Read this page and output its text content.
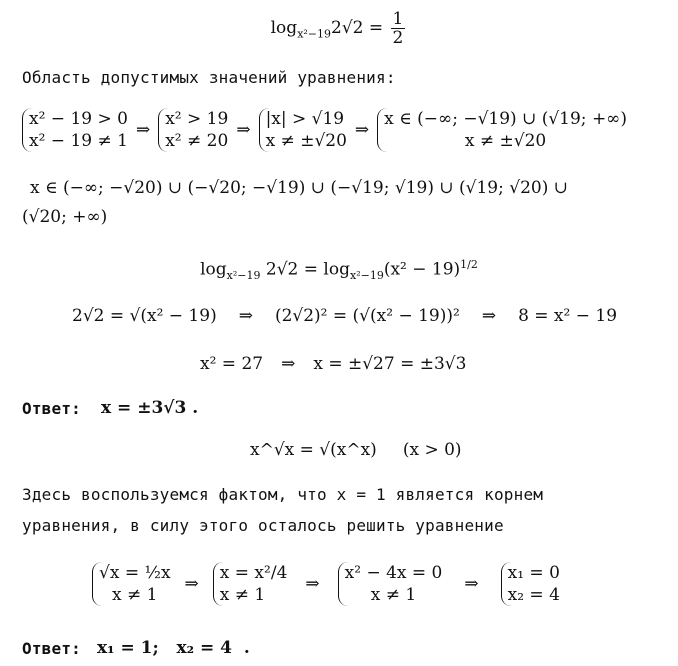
$\log_{x^2-19}2√2 = \frac{1}{2}$
Область допустимых значений уравнения:
x² − 19 > 0
x² − 19 ≠ 1
⇒
x² > 19
x² ≠ 20
⇒
|x| > √19
x ≠ ±√20
⇒
x ∈ (−∞; −√19) ∪ (√19; +∞)
x ≠ ±√20
x ∈ (−∞; −√20) ∪ (−√20; −√19) ∪ (−√19; √19) ∪ (√19; √20) ∪
(√20; +∞)
$\log_{x^2-19} 2√2 = \log_{x^2-19}(x^2 - 19)^{1/2}$
2√2 = √(x² − 19) ⇒ (2√2)² = (√(x² − 19))² ⇒ 8 = x² − 19
x² = 27 ⇒ x = ±√27 = ±3√3
Ответ: x = ±3√3 .
x^√x = √(x^x) (x > 0)
Здесь воспользуемся фактом, что x = 1 является корнем
уравнения, в силу этого осталось решить уравнение
√x = ½x
x ≠ 1
⇒
x = x²/4
x ≠ 1
⇒
x² − 4x = 0
x ≠ 1
⇒
x₁ = 0
x₂ = 4
Ответ: x₁ = 1;   x₂ = 4  .
